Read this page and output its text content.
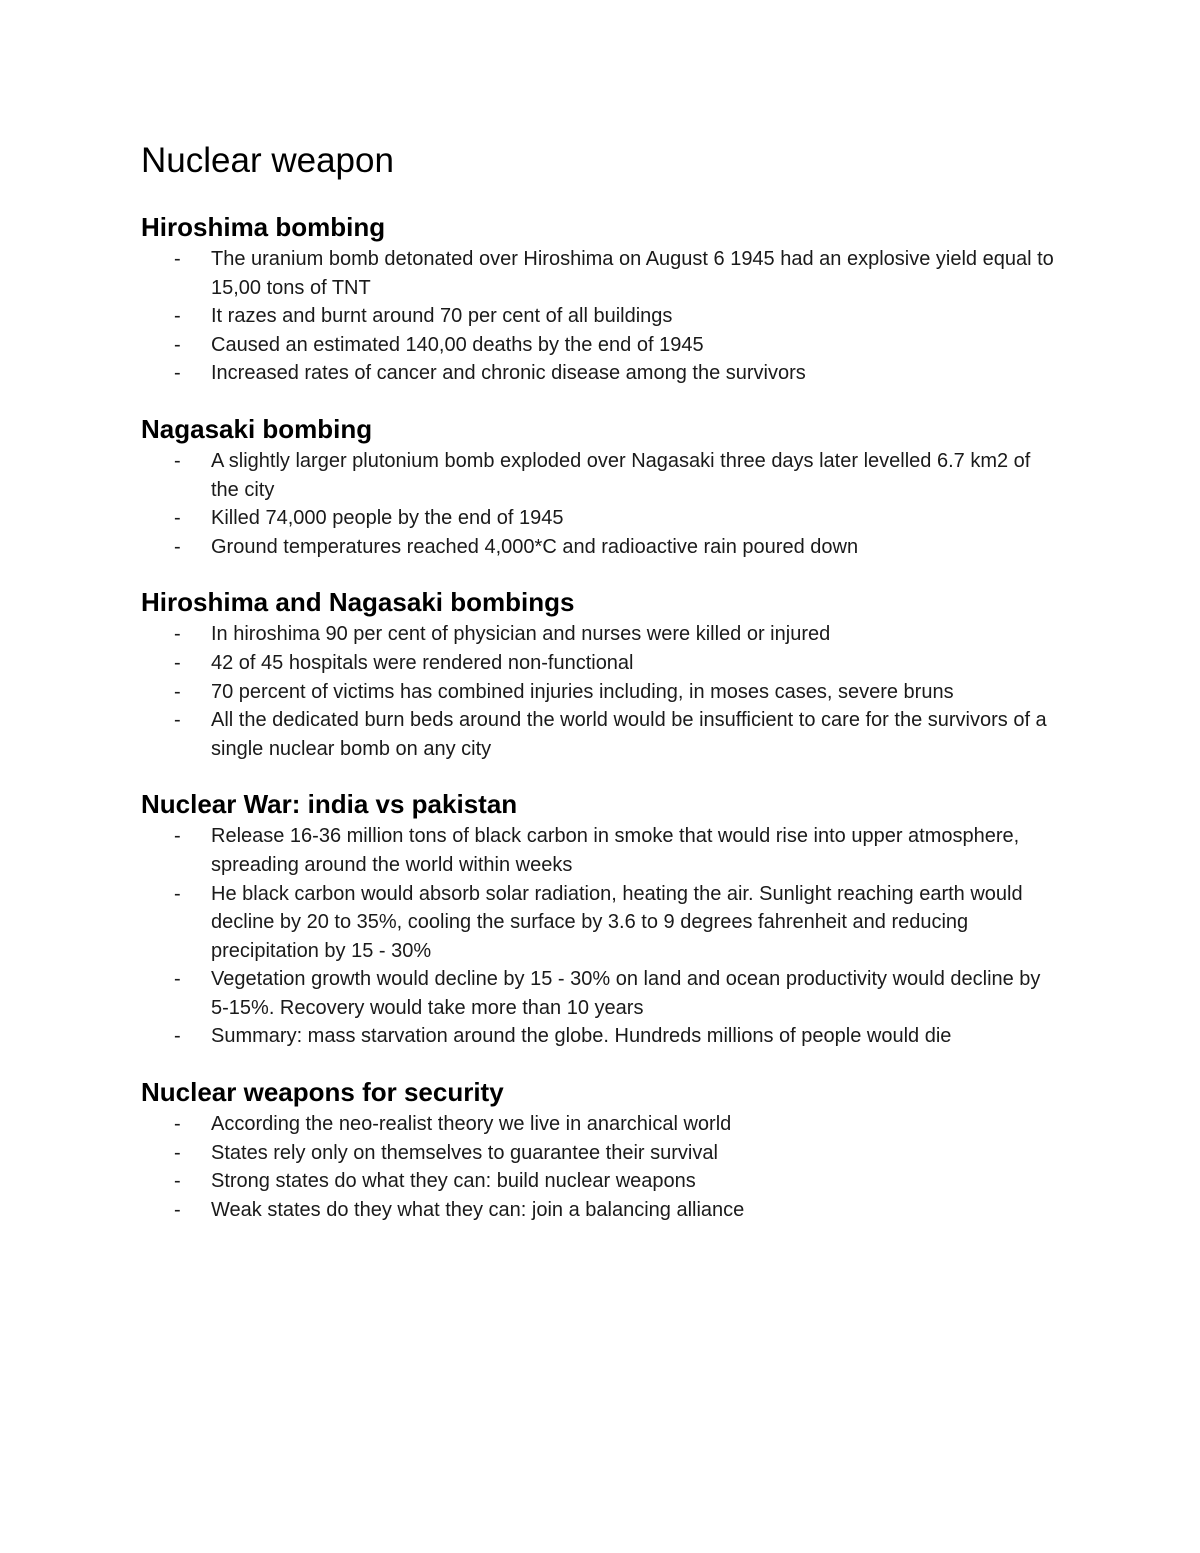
Nuclear weapon
Hiroshima bombing
- The uranium bomb detonated over Hiroshima on August 6 1945 had an explosive yield equal to 15,00 tons of TNT
- It razes and burnt around 70 per cent of all buildings
- Caused an estimated 140,00 deaths by the end of 1945
- Increased rates of cancer and chronic disease among the survivors
Nagasaki bombing
- A slightly larger plutonium bomb exploded over Nagasaki three days later levelled 6.7 km2 of the city
- Killed 74,000 people by the end of 1945
- Ground temperatures reached 4,000*C and radioactive rain poured down
Hiroshima and Nagasaki bombings
- In hiroshima 90 per cent of physician and nurses were killed or injured
- 42 of 45 hospitals were rendered non-functional
- 70 percent of victims has combined injuries including, in moses cases, severe bruns
- All the dedicated burn beds around the world would be insufficient to care for the survivors of a single nuclear bomb on any city
Nuclear War: india vs pakistan
- Release 16-36 million tons of black carbon in smoke that would rise into upper atmosphere, spreading around the world within weeks
- He black carbon would absorb solar radiation, heating the air. Sunlight reaching earth would decline by 20 to 35%, cooling the surface by 3.6 to 9 degrees fahrenheit and reducing precipitation by 15 - 30%
- Vegetation growth would decline by 15 - 30% on land and ocean productivity would decline by 5-15%. Recovery would take more than 10 years
- Summary: mass starvation around the globe. Hundreds millions of people would die
Nuclear weapons for security
- According the neo-realist theory we live in anarchical world
- States rely only on themselves to guarantee their survival
- Strong states do what they can: build nuclear weapons
- Weak states do they what they can: join a balancing alliance
